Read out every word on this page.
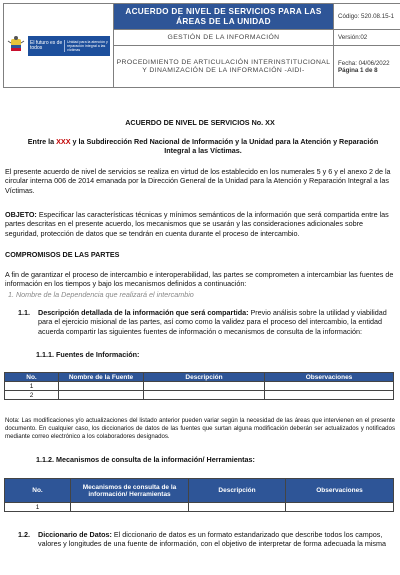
El futuro es de todos
Unidad para la atención y reparación integral a las víctimas	ACUERDO DE NIVEL DE SERVICIOS PARA LAS ÁREAS DE LA UNIDAD	Código: 520.08.15-1
	GESTIÓN DE LA INFORMACIÓN	Versión:02
	PROCEDIMIENTO DE ARTICULACIÓN INTERINSTITUCIONAL Y DINAMIZACIÓN DE LA INFORMACIÓN -AIDI-	Fecha: 04/06/2022
Página 1 de 8
ACUERDO DE NIVEL DE SERVICIOS No. XX
Entre la XXX y la Subdirección Red Nacional de Información y la Unidad para la Atención y Reparación Integral a las Víctimas.
El presente acuerdo de nivel de servicios se realiza en virtud de los establecido en los numerales 5 y 6 y el anexo 2 de la circular interna 006 de 2014 emanada por la Dirección General de la Unidad para la Atención y Reparación Integral a las Víctimas.
OBJETO: Especificar las características técnicas y mínimos semánticos de la información que será compartida entre las partes descritas en el presente acuerdo, los mecanismos que se usarán y las consideraciones adicionales sobre seguridad, protección de datos que se tendrán en cuenta durante el proceso de intercambio.
COMPROMISOS DE LAS PARTES
A fin de garantizar el proceso de intercambio e interoperabilidad, las partes se comprometen a intercambiar las fuentes de información en los tiempos y bajo los mecanismos definidos a continuación:
1. Nombre de la Dependencia que realizará el intercambio
1.1. Descripción detallada de la información que será compartida: Previo análisis sobre la utilidad y viabilidad para el ejercicio misional de las partes, así como como la validez para el proceso del intercambio, la entidad acuerda compartir las siguientes fuentes de información o mecanismos de consulta de la información:
1.1.1. Fuentes de Información:
No.	Nombre de la Fuente	Descripción	Observaciones
1			
2			
Nota: Las modificaciones y/o actualizaciones del listado anterior pueden variar según la necesidad de las áreas que intervienen en el presente documento. En cualquier caso, los diccionarios de datos de las fuentes que surtan alguna modificación deberán ser actualizados y notificados mediante correo electrónico a los colaboradores designados.
1.1.2. Mecanismos de consulta de la información/ Herramientas:
No.	Mecanismos de consulta de la información/ Herramientas	Descripción	Observaciones
1			
1.2. Diccionario de Datos: El diccionario de datos es un formato estandarizado que describe todos los campos, valores y longitudes de una fuente de información, con el objetivo de interpretar de forma adecuada la misma
